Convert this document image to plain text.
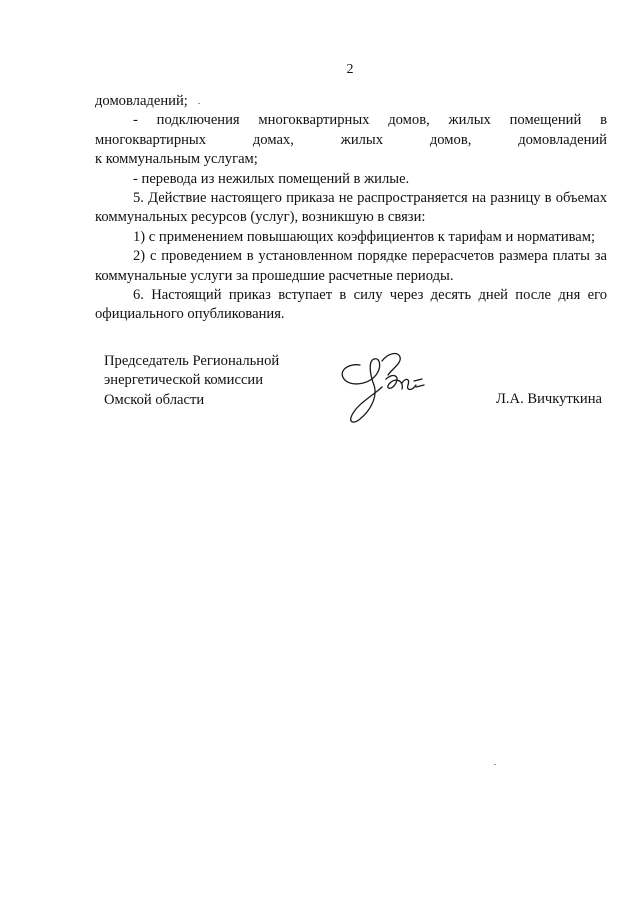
2

домовладений;

- подключения многоквартирных домов, жилых помещений в многоквартирных домах, жилых домов, домовладений

к коммунальным услугам;

- перевода из нежилых помещений в жилые.

5. Действие настоящего приказа не распространяется на разницу в объемах коммунальных ресурсов (услуг), возникшую в связи:

1) с применением повышающих коэффициентов к тарифам и нормативам;

2) с проведением в установленном порядке перерасчетов размера платы за коммунальные услуги за прошедшие расчетные периоды.

6. Настоящий приказ вступает в силу через десять дней после дня его официального опубликования.

Председатель Региональной
энергетической комиссии
Омской области	Л.А. Вичкуткина
